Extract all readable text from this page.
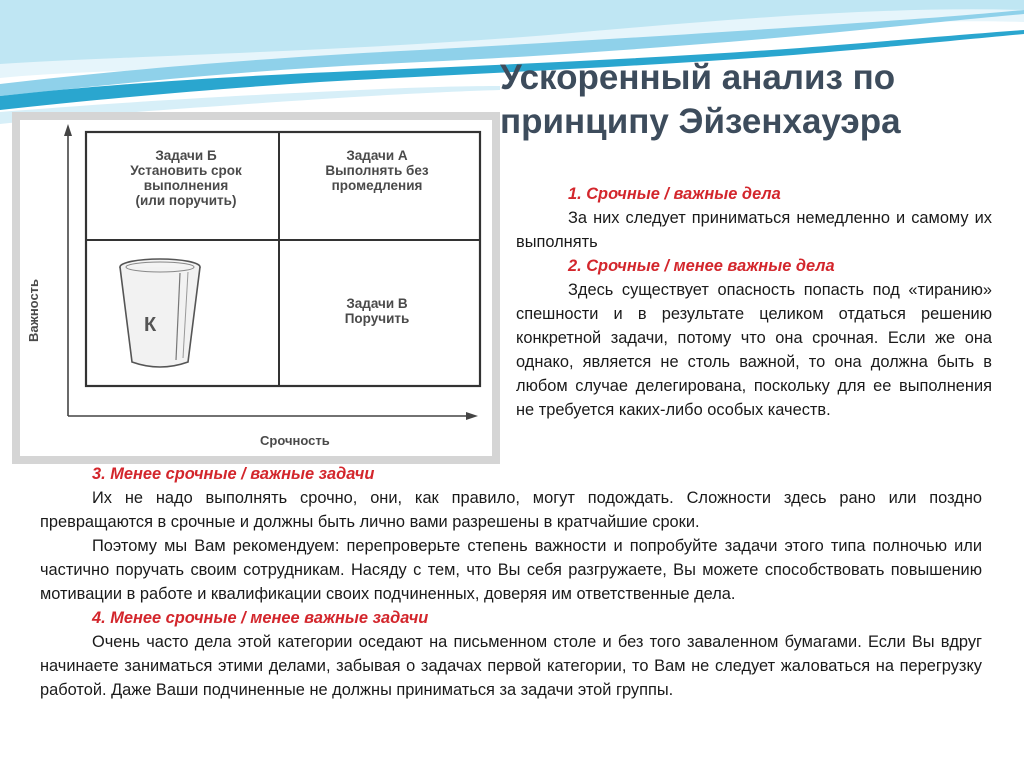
Ускоренный анализ по
принципу Эйзенхауэра
Важность
Срочность
Задачи Б
Установить срок
выполнения
(или поручить)
Задачи А
Выполнять без
промедления
К
Задачи В
Поручить
1. Срочные / важные дела

За них следует приниматься немедленно и самому их выполнять

2. Срочные / менее важные дела

Здесь существует опасность попасть под «тиранию» спешности и в результате целиком отдаться решению конкретной задачи, потому что она срочная. Если же она однако, является не столь важной, то она должна быть в любом случае делегирована, поскольку для ее выполнения не требуется каких-либо особых качеств.

3. Менее срочные / важные задачи

Их не надо выполнять срочно, они, как правило, могут подождать. Сложности здесь рано или поздно превращаются в срочные и должны быть лично вами разрешены в кратчайшие сроки.

Поэтому мы Вам рекомендуем: перепроверьте степень важности и попробуйте задачи этого типа полночью или частично поручать своим сотрудникам. Насяду с тем, что Вы себя разгружаете, Вы можете способствовать повышению мотивации в работе и квалификации своих подчиненных, доверяя им ответственные дела.

4. Менее срочные / менее важные задачи

Очень часто дела этой категории оседают на письменном столе и без того заваленном бумагами. Если Вы вдруг начинаете заниматься этими делами, забывая о задачах первой категории, то Вам не следует жаловаться на перегрузку работой. Даже Ваши подчиненные не должны приниматься за задачи этой группы.
